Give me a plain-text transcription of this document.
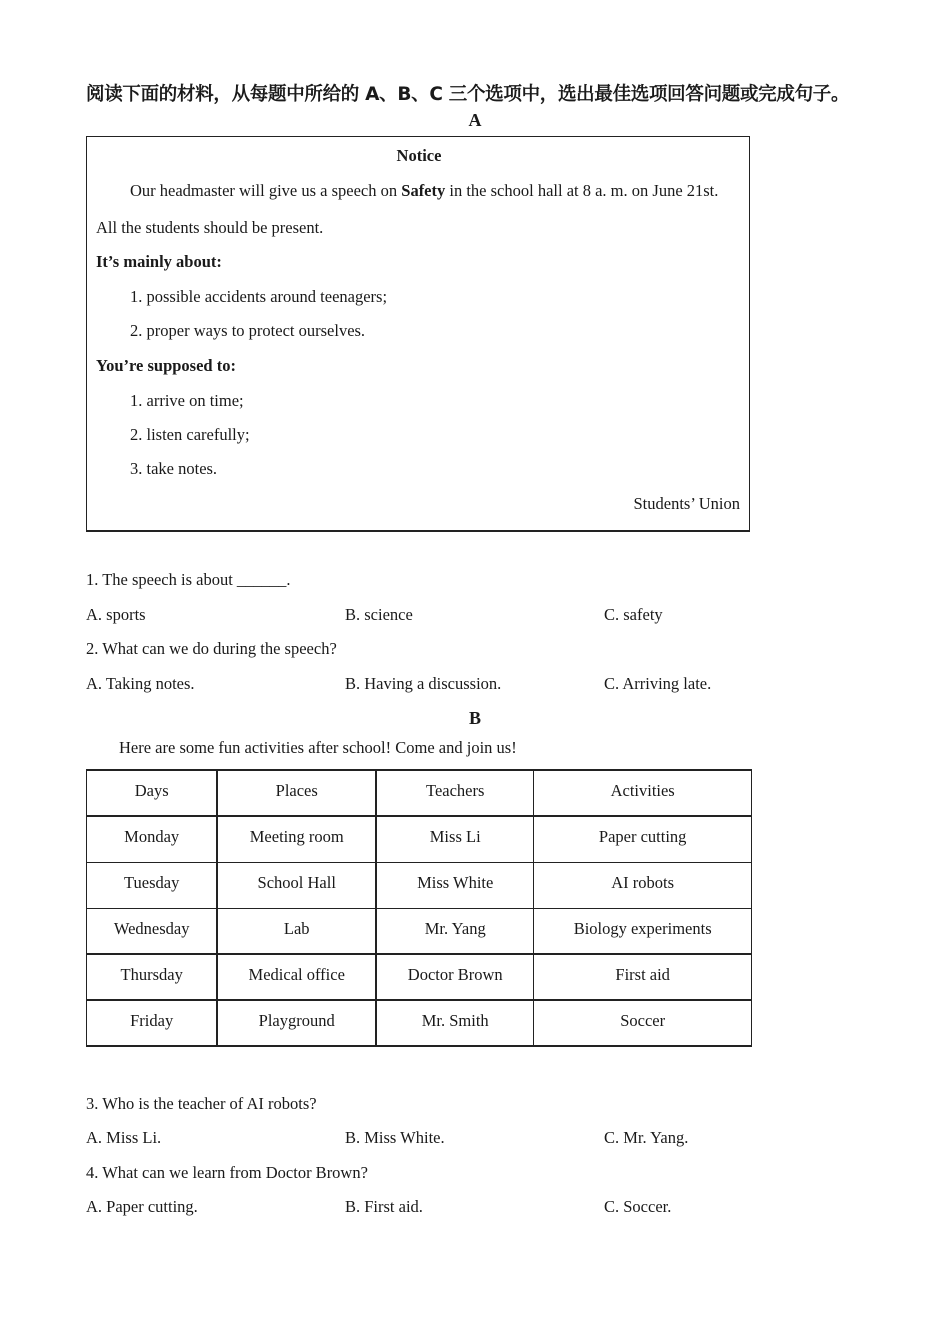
阅读下面的材料，从每题中所给的 A、B、C 三个选项中，选出最佳选项回答问题或完成句子。
A
Notice
Our headmaster will give us a speech on Safety in the school hall at 8 a. m. on June 21st.
All the students should be present.
It’s mainly about:
1. possible accidents around teenagers;
2. proper ways to protect ourselves.
You’re supposed to:
1. arrive on time;
2. listen carefully;
3. take notes.
Students’ Union
1. The speech is about ______.
A. sports	B. science	C. safety
2. What can we do during the speech?
A. Taking notes.	B. Having a discussion.	C. Arriving late.
B
Here are some fun activities after school! Come and join us!
Days	Places	Teachers	Activities
Monday	Meeting room	Miss Li	Paper cutting
Tuesday	School Hall	Miss White	AI robots
Wednesday	Lab	Mr. Yang	Biology experiments
Thursday	Medical office	Doctor Brown	First aid
Friday	Playground	Mr. Smith	Soccer
3. Who is the teacher of AI robots?
A. Miss Li.	B. Miss White.	C. Mr. Yang.
4. What can we learn from Doctor Brown?
A. Paper cutting.	B. First aid.	C. Soccer.
